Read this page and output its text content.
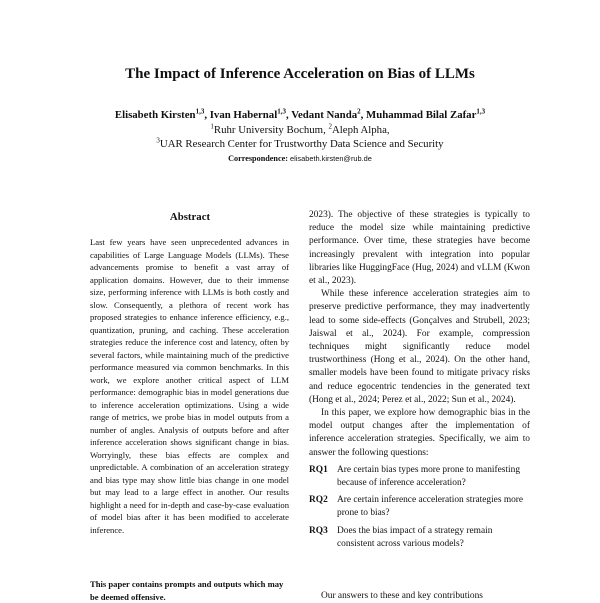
The Impact of Inference Acceleration on Bias of LLMs
Elisabeth Kirsten$^{1,3}$, Ivan Habernal$^{1,3}$, Vedant Nanda$^2$, Muhammad Bilal Zafar$^{1,3}$
$^1$Ruhr University Bochum, $^2$Aleph Alpha,
$^3$UAR Research Center for Trustworthy Data Science and Security
Correspondence: elisabeth.kirsten@rub.de
Abstract
Last few years have seen unprecedented advances in capabilities of Large Language Models (LLMs). These advancements promise to benefit a vast array of application domains. However, due to their immense size, performing inference with LLMs is both costly and slow. Consequently, a plethora of recent work has proposed strategies to enhance inference efficiency, e.g., quantization, pruning, and caching. These acceleration strategies reduce the inference cost and latency, often by several factors, while maintaining much of the predictive performance measured via common benchmarks. In this work, we explore another critical aspect of LLM performance: demographic bias in model generations due to inference acceleration optimizations. Using a wide range of metrics, we probe bias in model outputs from a number of angles. Analysis of outputs before and after inference acceleration shows significant change in bias. Worryingly, these bias effects are complex and unpredictable. A combination of an acceleration strategy and bias type may show little bias change in one model but may lead to a large effect in another. Our results highlight a need for in-depth and case-by-case evaluation of model bias after it has been modified to accelerate inference.
This paper contains prompts and outputs which may be deemed offensive.

2023). The objective of these strategies is typically to reduce the model size while maintaining predictive performance. Over time, these strategies have become increasingly prevalent with integration into popular libraries like HuggingFace (Hug, 2024) and vLLM (Kwon et al., 2023).

While these inference acceleration strategies aim to preserve predictive performance, they may inadvertently lead to some side-effects (Gonçalves and Strubell, 2023; Jaiswal et al., 2024). For example, compression techniques might significantly reduce model trustworthiness (Hong et al., 2024). On the other hand, smaller models have been found to mitigate privacy risks and reduce egocentric tendencies in the generated text (Hong et al., 2024; Perez et al., 2022; Sun et al., 2024).

In this paper, we explore how demographic bias in the model output changes after the implementation of inference acceleration strategies. Specifically, we aim to answer the following questions:

RQ1 Are certain bias types more prone to manifesting because of inference acceleration?
RQ2 Are certain inference acceleration strategies more prone to bias?
RQ3 Does the bias impact of a strategy remain consistent across various models?
Our answers to these and key contributions
